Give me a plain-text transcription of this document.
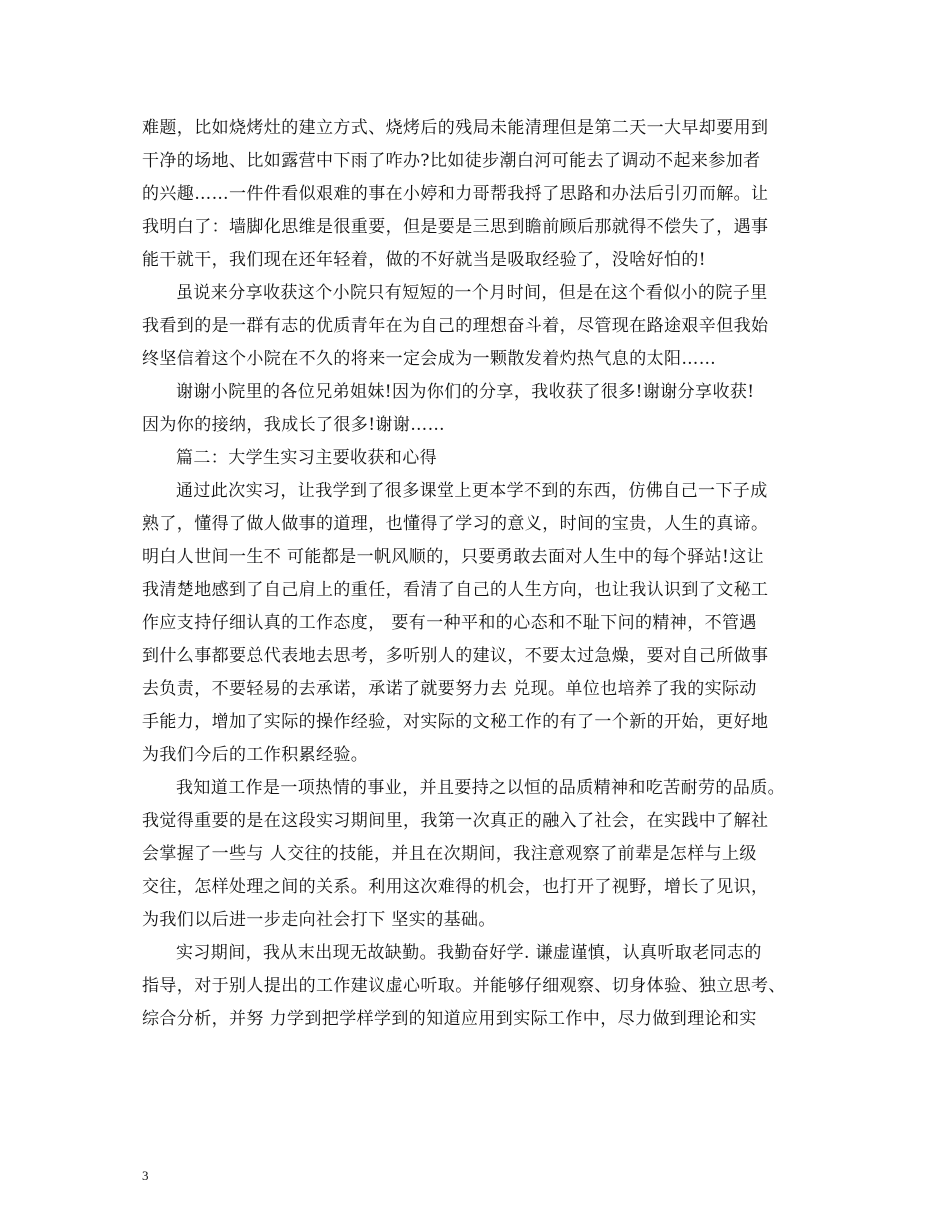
难题，比如烧烤灶的建立方式、烧烤后的残局未能清理但是第二天一大早却要用到
干净的场地、比如露营中下雨了咋办?比如徒步潮白河可能去了调动不起来参加者
的兴趣……一件件看似艰难的事在小婷和力哥帮我捋了思路和办法后引刃而解。让
我明白了：墙脚化思维是很重要，但是要是三思到瞻前顾后那就得不偿失了，遇事
能干就干，我们现在还年轻着，做的不好就当是吸取经验了，没啥好怕的!
虽说来分享收获这个小院只有短短的一个月时间，但是在这个看似小的院子里
我看到的是一群有志的优质青年在为自己的理想奋斗着，尽管现在路途艰辛但我始
终坚信着这个小院在不久的将来一定会成为一颗散发着灼热气息的太阳……
谢谢小院里的各位兄弟姐妹!因为你们的分享，我收获了很多!谢谢分享收获!
因为你的接纳，我成长了很多!谢谢……
篇二：大学生实习主要收获和心得
通过此次实习，让我学到了很多课堂上更本学不到的东西，仿佛自己一下子成
熟了，懂得了做人做事的道理，也懂得了学习的意义，时间的宝贵，人生的真谛。
明白人世间一生不 可能都是一帆风顺的，只要勇敢去面对人生中的每个驿站!这让
我清楚地感到了自己肩上的重任，看清了自己的人生方向，也让我认识到了文秘工
作应支持仔细认真的工作态度， 要有一种平和的心态和不耻下问的精神，不管遇
到什么事都要总代表地去思考，多听别人的建议，不要太过急燥，要对自己所做事
去负责，不要轻易的去承诺，承诺了就要努力去 兑现。单位也培养了我的实际动
手能力，增加了实际的操作经验，对实际的文秘工作的有了一个新的开始，更好地
为我们今后的工作积累经验。
我知道工作是一项热情的事业，并且要持之以恒的品质精神和吃苦耐劳的品质。
我觉得重要的是在这段实习期间里，我第一次真正的融入了社会，在实践中了解社
会掌握了一些与 人交往的技能，并且在次期间，我注意观察了前辈是怎样与上级
交往，怎样处理之间的关系。利用这次难得的机会，也打开了视野，增长了见识，
为我们以后进一步走向社会打下 坚实的基础。
实习期间，我从末出现无故缺勤。我勤奋好学. 谦虚谨慎，认真听取老同志的
指导，对于别人提出的工作建议虚心听取。并能够仔细观察、切身体验、独立思考、
综合分析，并努 力学到把学样学到的知道应用到实际工作中，尽力做到理论和实
3
